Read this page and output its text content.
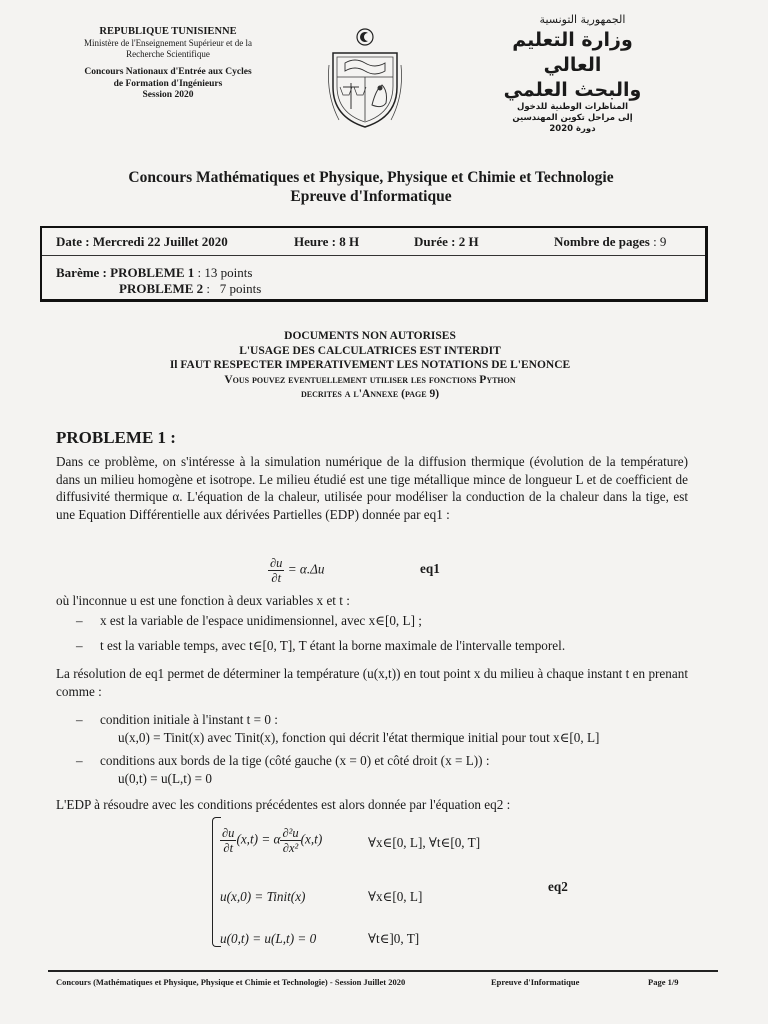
REPUBLIQUE TUNISIENNE
Ministère de l'Enseignement Supérieur et de la
Recherche Scientifique
Concours Nationaux d'Entrée aux Cycles
de Formation d'Ingénieurs
Session 2020
الجمهورية التونسية
وزارة التعليم العالي
والبحث العلمي
المناظرات الوطنية للدخول
إلى مراحل تكوين المهندسين
دورة 2020
Concours Mathématiques et Physique, Physique et Chimie et Technologie
Epreuve d'Informatique
Date : Mercredi 22 Juillet 2020	Heure : 8 H	Durée : 2 H	Nombre de pages : 9
Barème : PROBLEME 1 : 13 points
PROBLEME 2 :   7 points
DOCUMENTS NON AUTORISES
L'USAGE DES CALCULATRICES EST INTERDIT
Il FAUT RESPECTER IMPERATIVEMENT LES NOTATIONS DE L'ENONCE
Vous pouvez eventuellement utiliser les fonctions Python
decrites a l'Annexe (page 9)
PROBLEME 1 :
Dans ce problème, on s'intéresse à la simulation numérique de la diffusion thermique (évolution de la température) dans un milieu homogène et isotrope. Le milieu étudié est une tige métallique mince de longueur L et de coefficient de diffusivité thermique α. L'équation de la chaleur, utilisée pour modéliser la conduction de la chaleur dans la tige, est une Equation Différentielle aux dérivées Partielles (EDP) donnée par eq1 :
$\frac{\partial u}{\partial t} = \alpha.\Delta u$	eq1
où l'inconnue u est une fonction à deux variables x et t :
– x est la variable de l'espace unidimensionnel, avec x∈[0, L] ;
– t est la variable temps, avec t∈[0, T], T étant la borne maximale de l'intervalle temporel.
La résolution de eq1 permet de déterminer la température (u(x,t)) en tout point x du milieu à chaque instant t en prenant comme :
– condition initiale à l'instant t = 0 :
u(x,0) = Tinit(x) avec Tinit(x), fonction qui décrit l'état thermique initial pour tout x∈[0, L]
– conditions aux bords de la tige (côté gauche (x = 0) et côté droit (x = L)) :
u(0,t) = u(L,t) = 0
L'EDP à résoudre avec les conditions précédentes est alors donnée par l'équation eq2 :
$\frac{\partial u}{\partial t} (x,t) = \alpha \frac{\text{∂²u}}{\text{∂x²}} (x,t)$	∀x∈[0, L], ∀t∈[0, T]
u(x,0) = Tinit(x)	∀x∈[0, L]
eq2
u(0,t) = u(L,t) = 0	∀t∈]0, T]
Concours (Mathématiques et Physique, Physique et Chimie et Technologie) - Session Juillet 2020	Epreuve d'Informatique	Page 1/9
